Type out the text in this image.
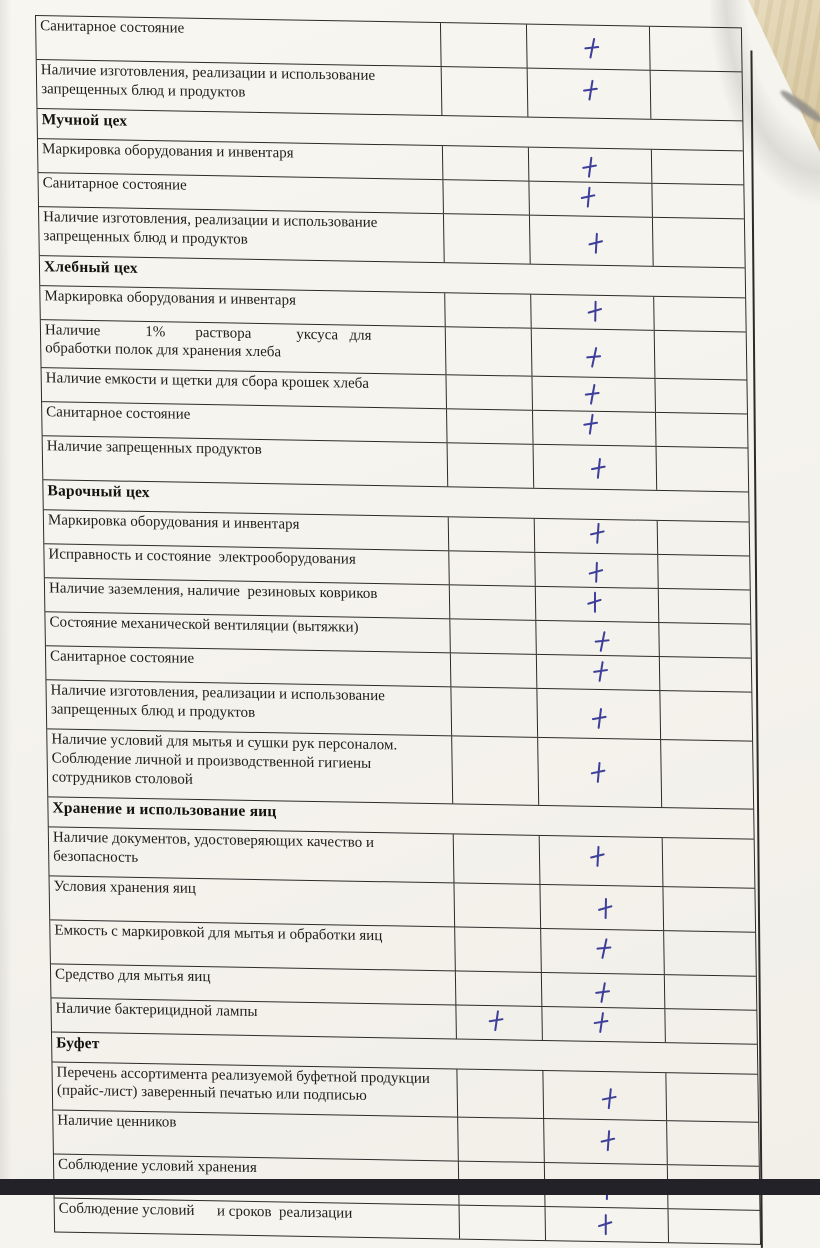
Санитарное состояние
Наличие изготовления, реализации и использование запрещенных блюд и продуктов
Мучной цех
Маркировка оборудования и инвентаря
Санитарное состояние
Наличие изготовления, реализации и использование запрещенных блюд и продуктов
Хлебный цех
Маркировка оборудования и инвентаря
Наличие            1%        раствора            уксуса   для
обработки полок для хранения хлеба
Наличие емкости и щетки для сбора крошек хлеба
Санитарное состояние
Наличие запрещенных продуктов
Варочный цех
Маркировка оборудования и инвентаря
Исправность и состояние  электрооборудования
Наличие заземления, наличие  резиновых ковриков
Состояние механической вентиляции (вытяжки)
Санитарное состояние
Наличие изготовления, реализации и использование запрещенных блюд и продуктов
Наличие условий для мытья и сушки рук персоналом. Соблюдение личной и производственной гигиены сотрудников столовой
Хранение и использование яиц
Наличие документов, удостоверяющих качество и безопасность
Условия хранения яиц
Емкость с маркировкой для мытья и обработки яиц
Средство для мытья яиц
Наличие бактерицидной лампы
Буфет
Перечень ассортимента реализуемой буфетной продукции (прайс-лист) заверенный печатью или подписью
Наличие ценников
Соблюдение условий хранения
Соблюдение условий      и сроков  реализации
